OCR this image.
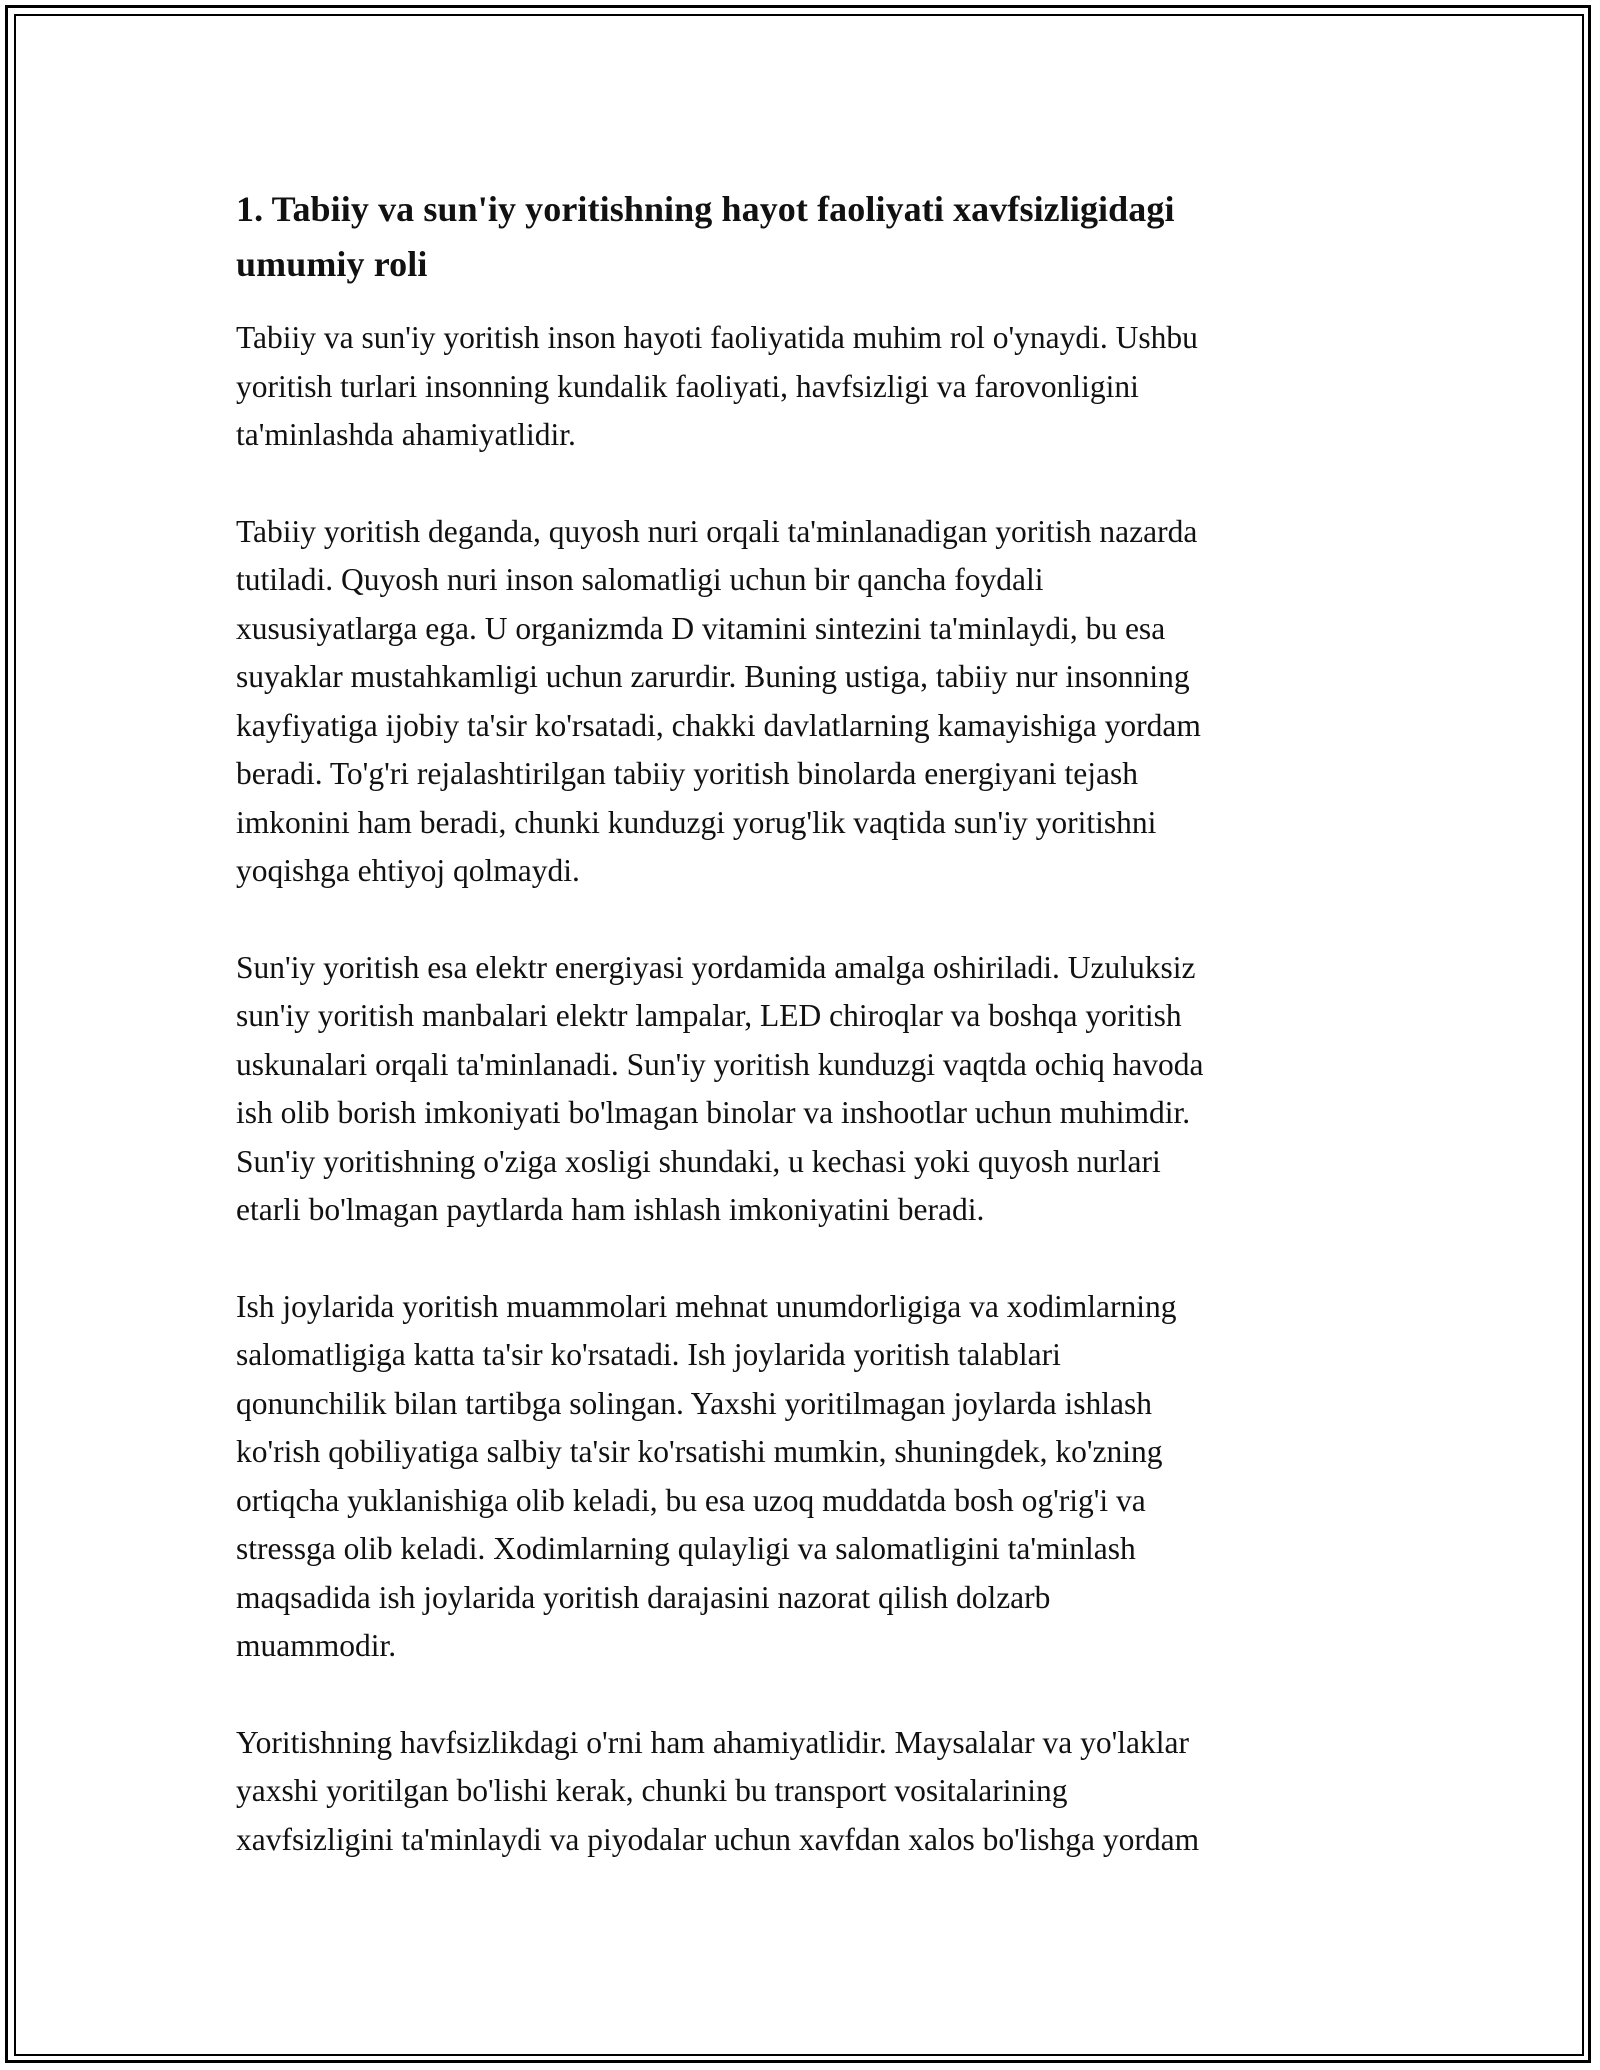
1. Tabiiy va sun'iy yoritishning hayot faoliyati xavfsizligidagi
umumiy roli

Tabiiy va sun'iy yoritish inson hayoti faoliyatida muhim rol o'ynaydi. Ushbu
yoritish turlari insonning kundalik faoliyati, havfsizligi va farovonligini
ta'minlashda ahamiyatlidir.

Tabiiy yoritish deganda, quyosh nuri orqali ta'minlanadigan yoritish nazarda
tutiladi. Quyosh nuri inson salomatligi uchun bir qancha foydali
xususiyatlarga ega. U organizmda D vitamini sintezini ta'minlaydi, bu esa
suyaklar mustahkamligi uchun zarurdir. Buning ustiga, tabiiy nur insonning
kayfiyatiga ijobiy ta'sir ko'rsatadi, chakki davlatlarning kamayishiga yordam
beradi. To'g'ri rejalashtirilgan tabiiy yoritish binolarda energiyani tejash
imkonini ham beradi, chunki kunduzgi yorug'lik vaqtida sun'iy yoritishni
yoqishga ehtiyoj qolmaydi.

Sun'iy yoritish esa elektr energiyasi yordamida amalga oshiriladi. Uzuluksiz
sun'iy yoritish manbalari elektr lampalar, LED chiroqlar va boshqa yoritish
uskunalari orqali ta'minlanadi. Sun'iy yoritish kunduzgi vaqtda ochiq havoda
ish olib borish imkoniyati bo'lmagan binolar va inshootlar uchun muhimdir.
Sun'iy yoritishning o'ziga xosligi shundaki, u kechasi yoki quyosh nurlari
etarli bo'lmagan paytlarda ham ishlash imkoniyatini beradi.

Ish joylarida yoritish muammolari mehnat unumdorligiga va xodimlarning
salomatligiga katta ta'sir ko'rsatadi. Ish joylarida yoritish talablari
qonunchilik bilan tartibga solingan. Yaxshi yoritilmagan joylarda ishlash
ko'rish qobiliyatiga salbiy ta'sir ko'rsatishi mumkin, shuningdek, ko'zning
ortiqcha yuklanishiga olib keladi, bu esa uzoq muddatda bosh og'rig'i va
stressga olib keladi. Xodimlarning qulayligi va salomatligini ta'minlash
maqsadida ish joylarida yoritish darajasini nazorat qilish dolzarb
muammodir.

Yoritishning havfsizlikdagi o'rni ham ahamiyatlidir. Maysalalar va yo'laklar
yaxshi yoritilgan bo'lishi kerak, chunki bu transport vositalarining
xavfsizligini ta'minlaydi va piyodalar uchun xavfdan xalos bo'lishga yordam
